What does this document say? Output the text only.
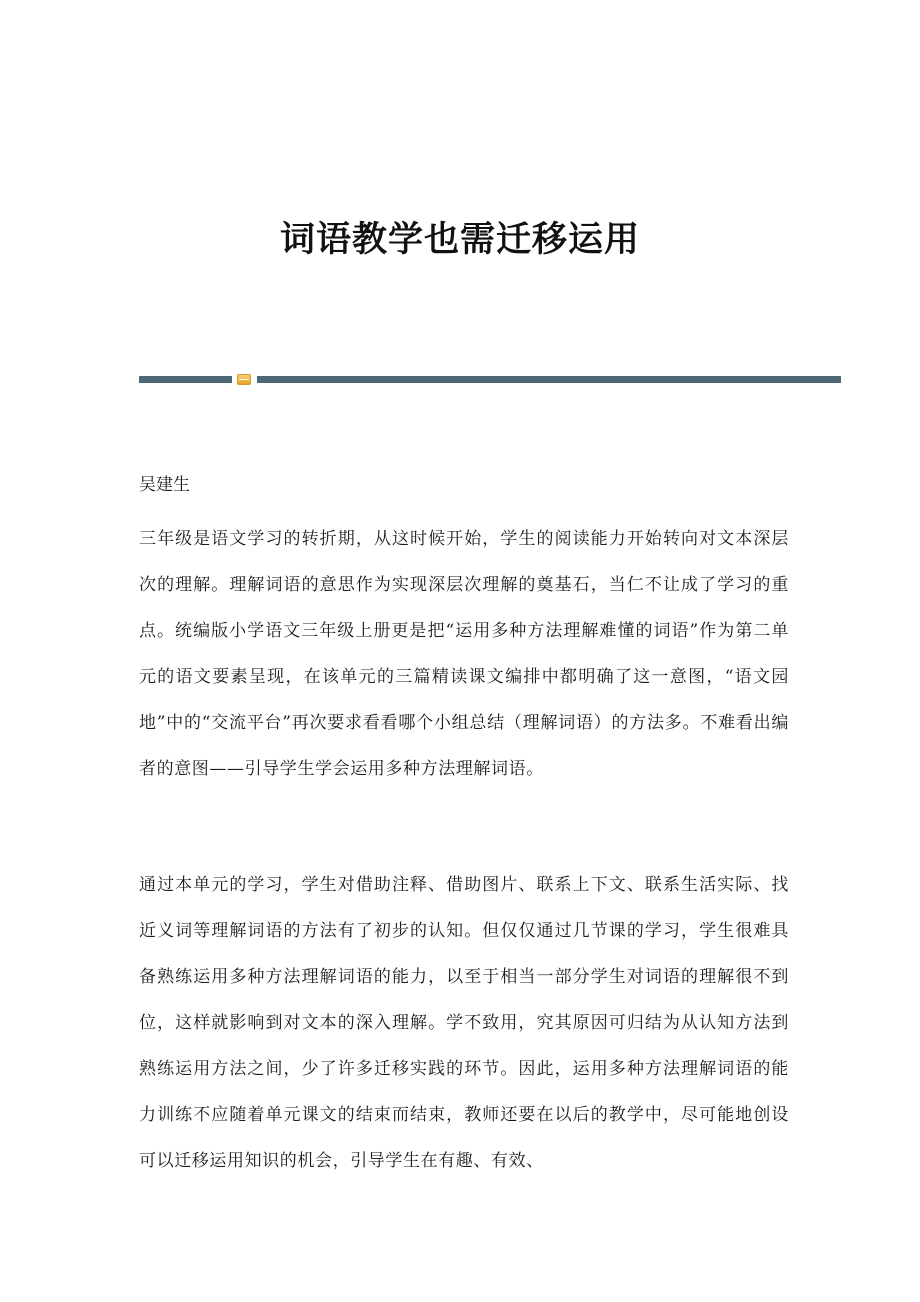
词语教学也需迁移运用

吴建生

三年级是语文学习的转折期，从这时候开始，学生的阅读能力开始转向对文本深层次的理解。理解词语的意思作为实现深层次理解的奠基石，当仁不让成了学习的重点。统编版小学语文三年级上册更是把“运用多种方法理解难懂的词语”作为第二单元的语文要素呈现，在该单元的三篇精读课文编排中都明确了这一意图，“语文园地”中的“交流平台”再次要求看看哪个小组总结（理解词语）的方法多。不难看出编者的意图——引导学生学会运用多种方法理解词语。

通过本单元的学习，学生对借助注释、借助图片、联系上下文、联系生活实际、找近义词等理解词语的方法有了初步的认知。但仅仅通过几节课的学习，学生很难具备熟练运用多种方法理解词语的能力，以至于相当一部分学生对词语的理解很不到位，这样就影响到对文本的深入理解。学不致用，究其原因可归结为从认知方法到熟练运用方法之间，少了许多迁移实践的环节。因此，运用多种方法理解词语的能力训练不应随着单元课文的结束而结束，教师还要在以后的教学中，尽可能地创设可以迁移运用知识的机会，引导学生在有趣、有效、
